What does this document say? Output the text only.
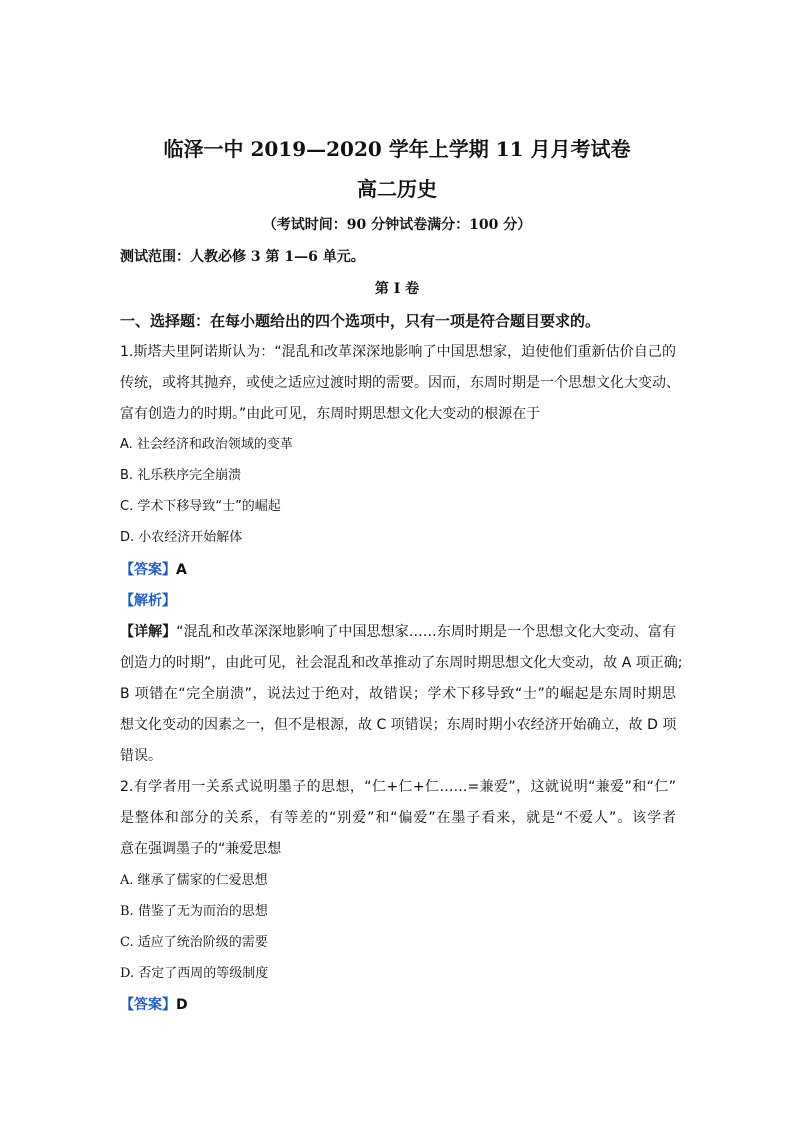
临泽一中 2019—2020 学年上学期 11 月月考试卷
高二历史
（考试时间：90 分钟试卷满分：100 分）
测试范围：人教必修 3 第 1—6 单元。
第 I 卷
一、选择题：在每小题给出的四个选项中，只有一项是符合题目要求的。
1.斯塔夫里阿诺斯认为：“混乱和改革深深地影响了中国思想家，迫使他们重新估价自己的
传统，或将其抛弃，或使之适应过渡时期的需要。因而，东周时期是一个思想文化大变动、
富有创造力的时期。”由此可见，东周时期思想文化大变动的根源在于
A. 社会经济和政治领域的变革
B. 礼乐秩序完全崩溃
C. 学术下移导致“士”的崛起
D. 小农经济开始解体
【答案】A
【解析】
【详解】“混乱和改革深深地影响了中国思想家……东周时期是一个思想文化大变动、富有
创造力的时期”，由此可见，社会混乱和改革推动了东周时期思想文化大变动，故 A 项正确;
B 项错在“完全崩溃”，说法过于绝对，故错误；学术下移导致“士”的崛起是东周时期思
想文化变动的因素之一，但不是根源，故 C 项错误；东周时期小农经济开始确立，故 D 项
错误。
2.有学者用一关系式说明墨子的思想，“仁+仁+仁……=兼爱”，这就说明“兼爱”和“仁”
是整体和部分的关系，有等差的“别爱”和“偏爱”在墨子看来，就是“不爱人”。该学者
意在强调墨子的“兼爱思想
A. 继承了儒家的仁爱思想
B. 借鉴了无为而治的思想
C. 适应了统治阶级的需要
D. 否定了西周的等级制度
【答案】D
